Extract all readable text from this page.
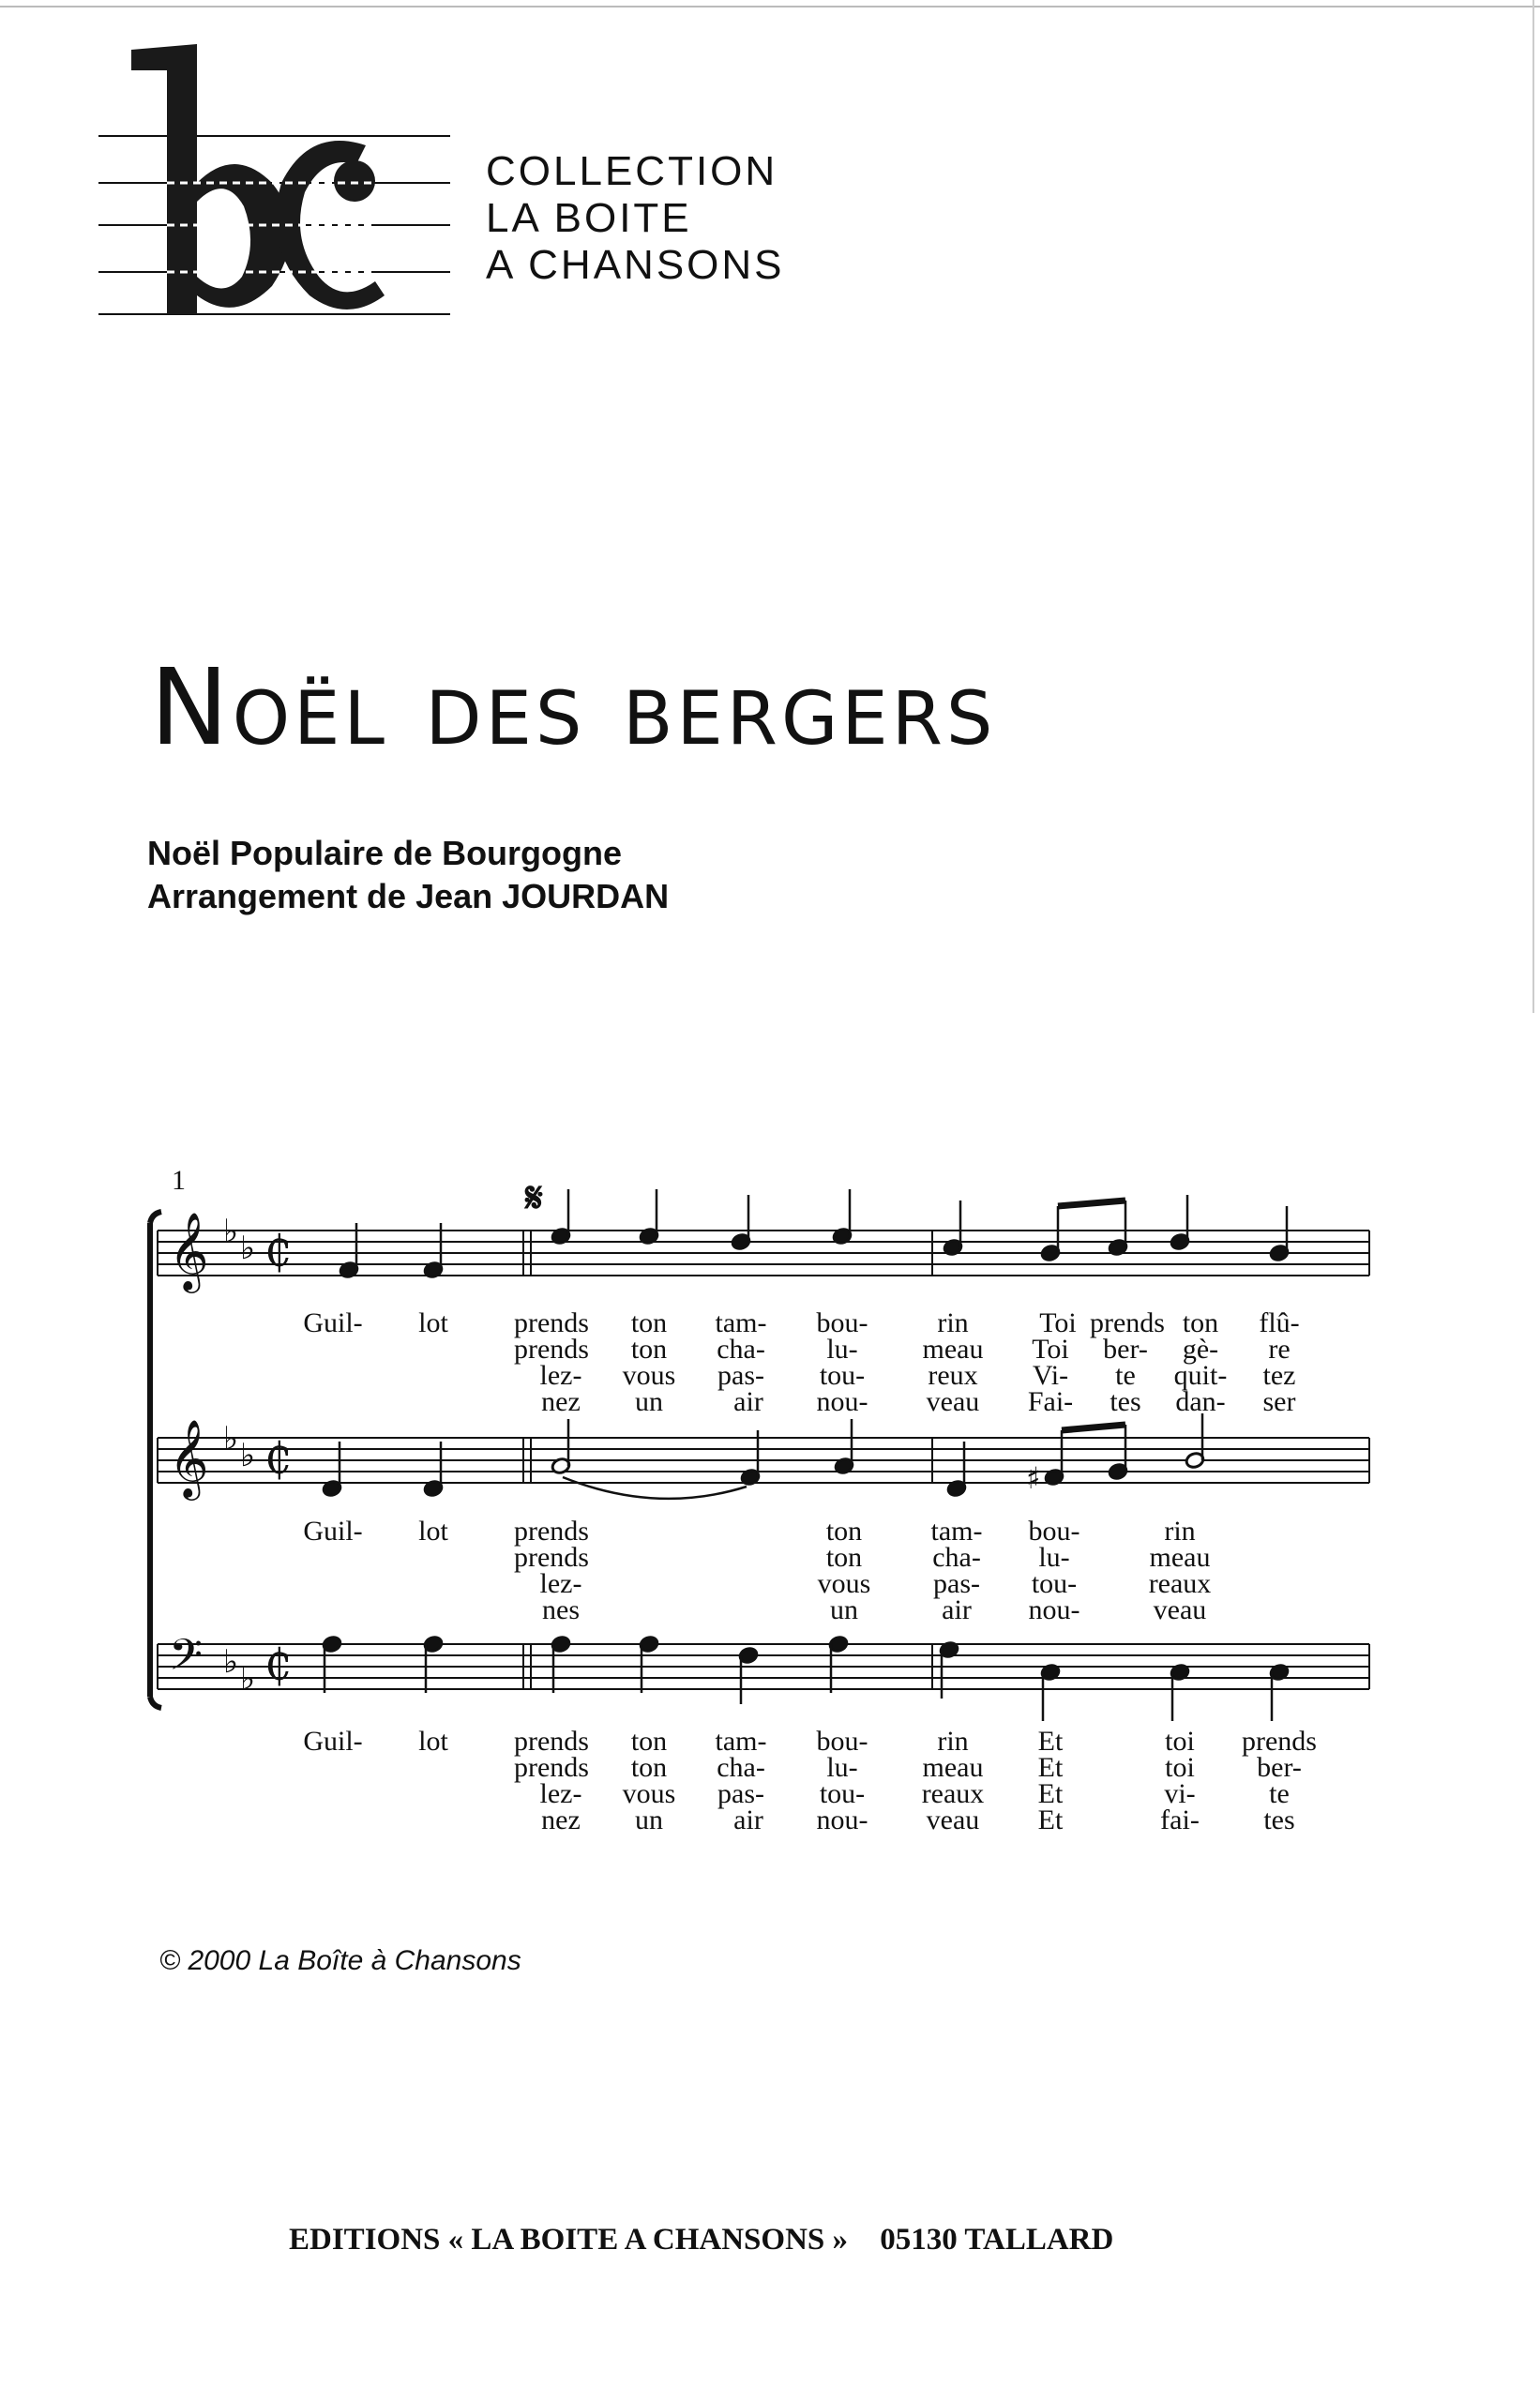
bc
COLLECTION
LA BOITE
A CHANSONS
Noël des bergers
Noël Populaire de Bourgogne
Arrangement de Jean JOURDAN
𝄞 ♭ ♭ ₵
𝄞 ♭ ♭ ₵
𝄢 ♭ ♭ ₵
♯
1	𝄋
Guil- lot prends ton tam- bou- rin	Toi prends ton flû-
prends ton cha- lu- meau Toi ber- gè- re
lez- vous pas- tou- reux Vi- te quit- tez
nez un	air nou- veau Fai- tes dan- ser
Guil- lot prends	ton tam- bou-	rin
prends	ton	cha- lu-	meau
lez-	vous pas- tou-	reaux
nes	un	air nou-	veau
Guil- lot prends ton tam- bou- rin Et	toi prends
prends ton cha- lu- meau Et	toi ber-
lez- vous pas- tou- reaux Et	vi-	te
nez un	air nou- veau Et	fai- tes
© 2000 La Boîte à Chansons
EDITIONS « LA BOITE A CHANSONS » 05130 TALLARD
